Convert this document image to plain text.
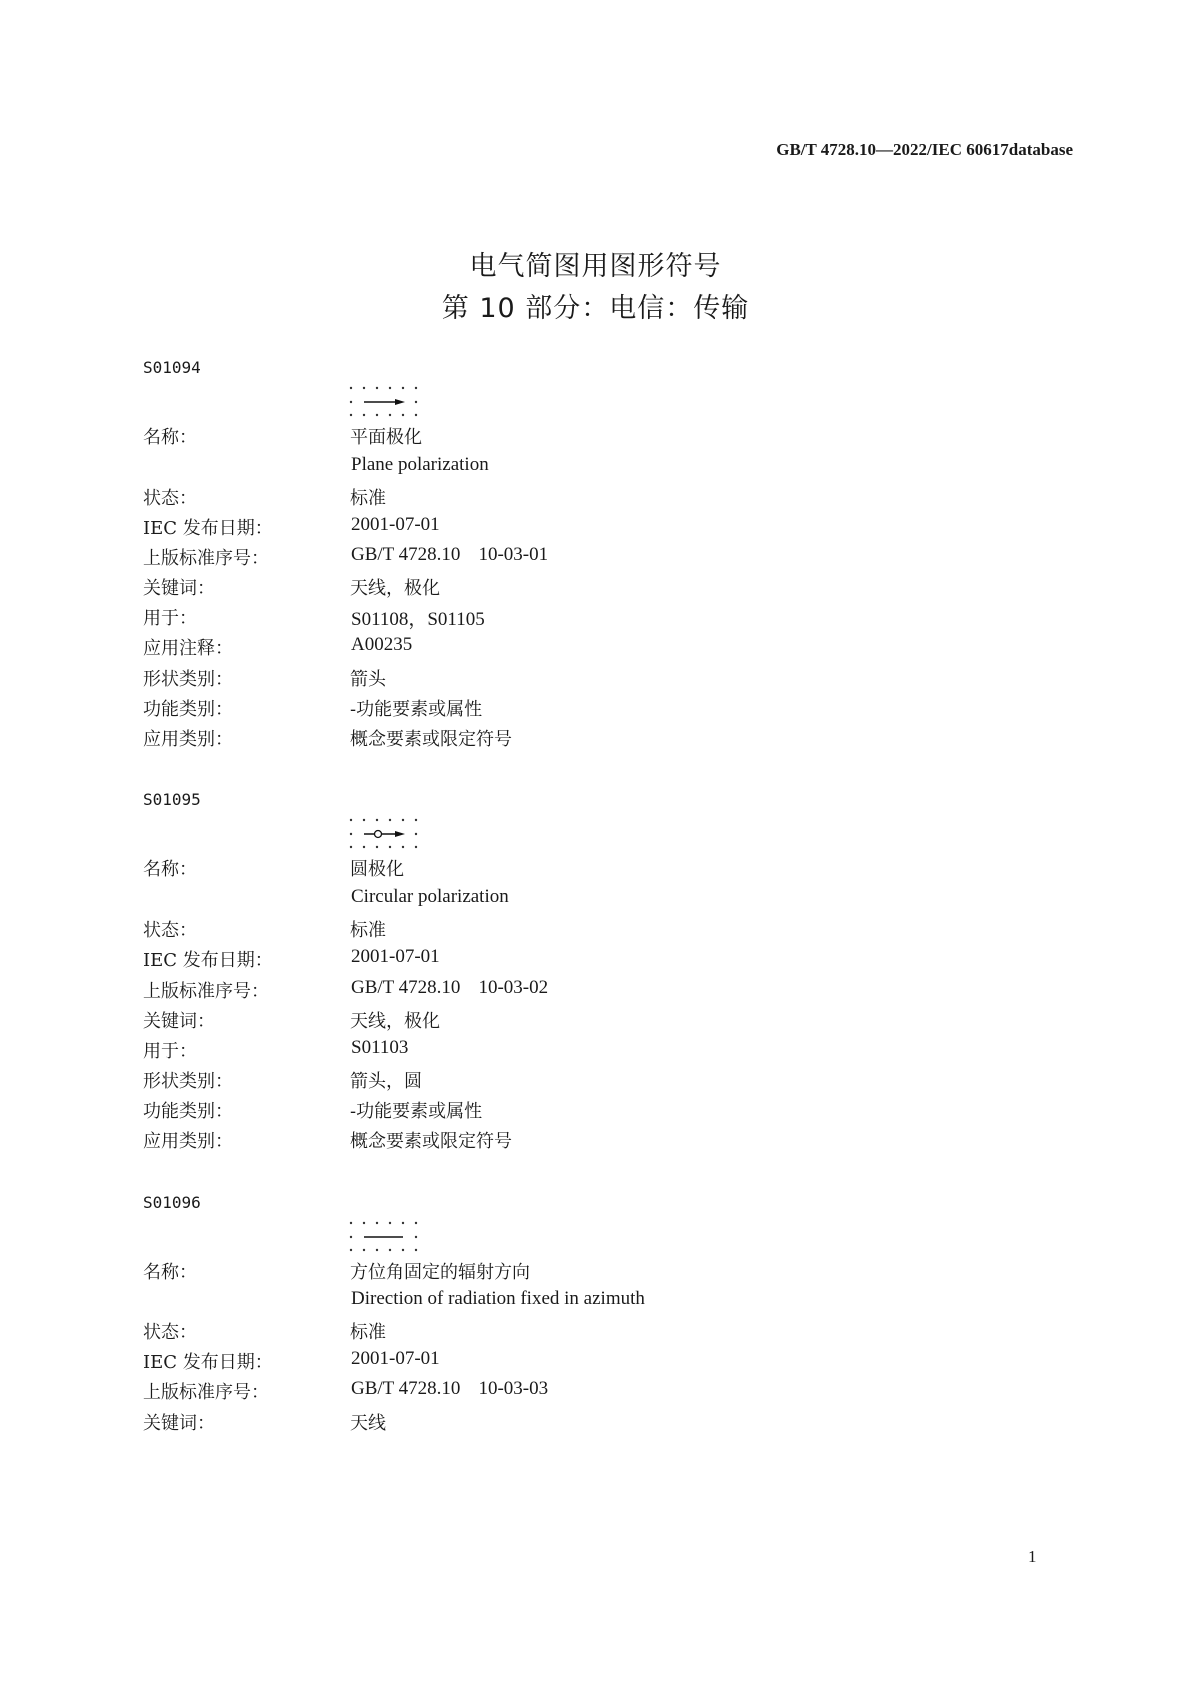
GB/T 4728.10—2022/IEC 60617database
电气简图用图形符号
第 10 部分：电信：传输
S01094
名称：	平面极化
Plane polarization
状态：	标准
IEC 发布日期：	2001-07-01
上版标准序号：	GB/T 4728.10 10-03-01
关键词：	天线，极化
用于：	S01108，S01105
应用注释：	A00235
形状类别：	箭头
功能类别：	-功能要素或属性
应用类别：	概念要素或限定符号
S01095
名称：	圆极化
Circular polarization
状态：	标准
IEC 发布日期：	2001-07-01
上版标准序号：	GB/T 4728.10 10-03-02
关键词：	天线，极化
用于：	S01103
形状类别：	箭头，圆
功能类别：	-功能要素或属性
应用类别：	概念要素或限定符号
S01096
名称：	方位角固定的辐射方向
Direction of radiation fixed in azimuth
状态：	标准
IEC 发布日期：	2001-07-01
上版标准序号：	GB/T 4728.10 10-03-03
关键词：	天线
1
